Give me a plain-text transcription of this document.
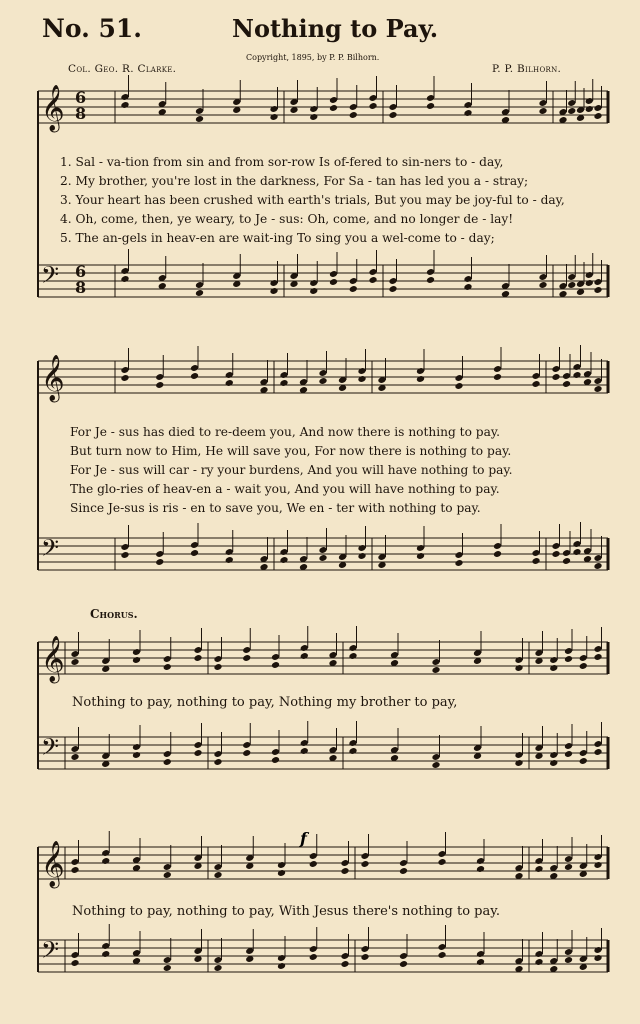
No. 51.	Nothing to Pay.
Copyright, 1895, by P. P. Bilhorn.
Col. Geo. R. Clarke.	P. P. Bilhorn.
𝄞
𝄢
𝄞
𝄢
𝄞
𝄢
𝄞
𝄢
6
8
6
8
f
1. Sal - va-tion from sin and from sor-row Is of-fered to sin-ners to - day,
2. My brother, you're lost in the darkness, For Sa - tan has led you a - stray;
3. Your heart has been crushed with earth's trials, But you may be joy-ful to - day,
4. Oh, come, then, ye weary, to Je - sus: Oh, come, and no longer de - lay!
5. The an-gels in heav-en are wait-ing To sing you a wel-come to - day;
For Je - sus has died to re-deem you, And now there is nothing to pay.
But turn now to Him, He will save you, For now there is nothing to pay.
For Je - sus will car - ry your burdens, And you will have nothing to pay.
The glo-ries of heav-en a - wait you, And you will have nothing to pay.
Since Je-sus is ris - en to save you, We en - ter with nothing to pay.
Chorus.
Nothing to pay, nothing to pay, Nothing my brother to pay,
Nothing to pay, nothing to pay, With Jesus there's nothing to pay.
